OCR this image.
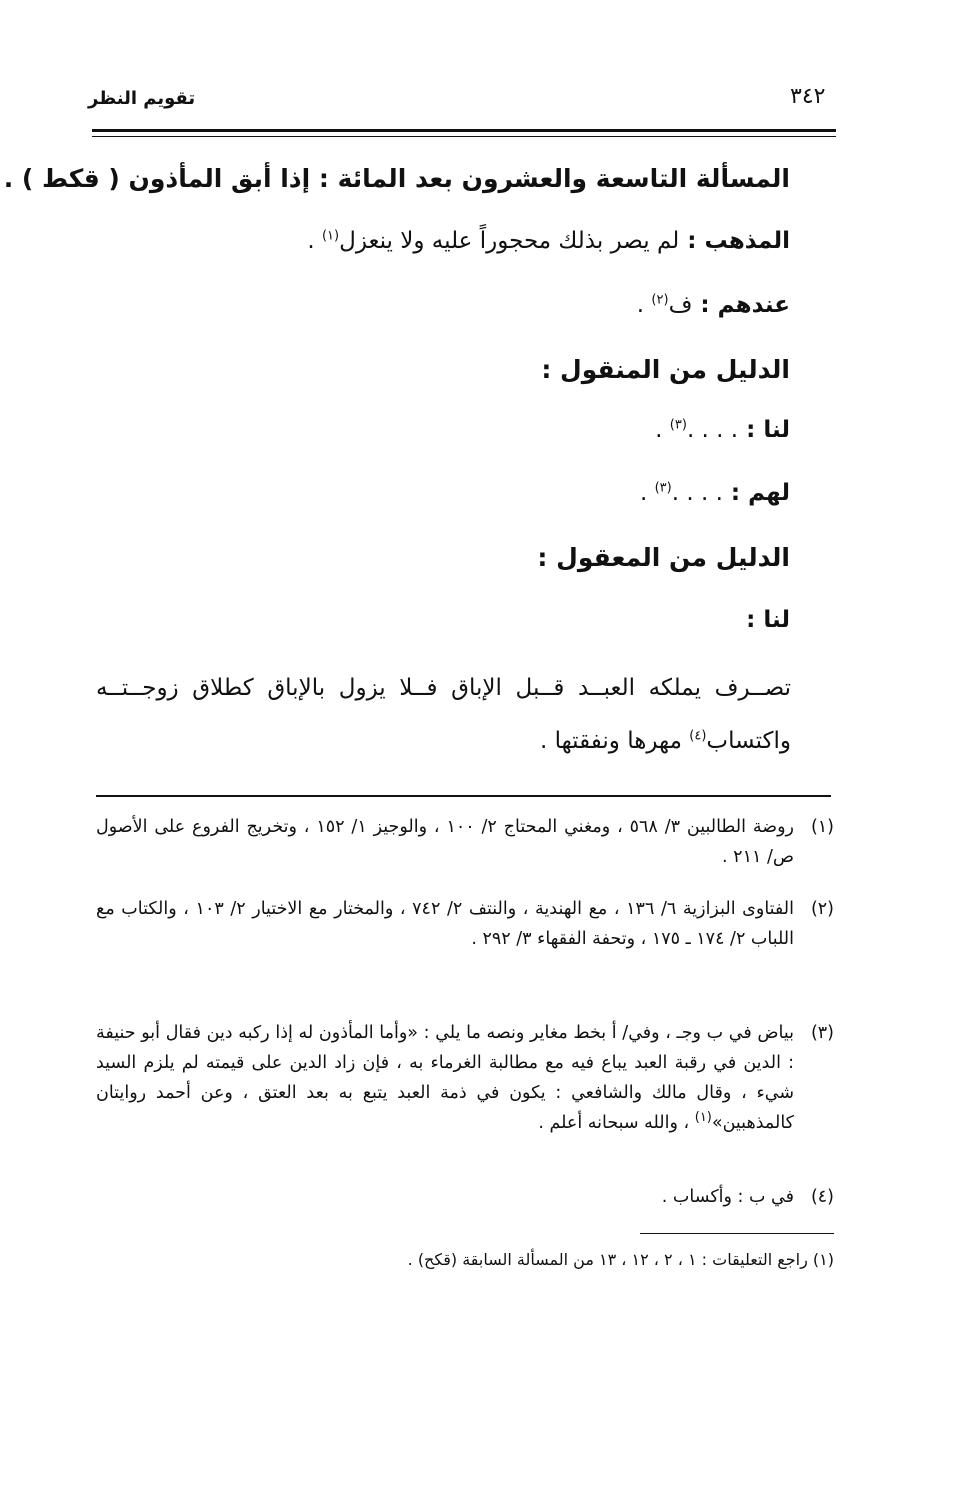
تقويم النظر	٣٤٢
المسألة التاسعة والعشرون بعد المائة : إذا أبق المأذون ( قكط ) .
المذهب : لم يصر بذلك محجوراً عليه ولا ينعزل$^{(١)}$ .
عندهم : ف$^{(٢)}$ .
الدليل من المنقول :
لنا : . . . .$^{(٣)}$ .
لهم : . . . .$^{(٣)}$ .
الدليل من المعقول :
لنا :
تصــرف يملكه العبــد قــبل الإباق فــلا يزول بالإباق كطلاق زوجــتــه واكتساب$^{(٤)}$ مهرها ونفقتها .
(١)
روضة الطالبين ٣/ ٥٦٨ ، ومغني المحتاج ٢/ ١٠٠ ، والوجيز ١/ ١٥٢ ، وتخريج الفروع على الأصول ص/ ٢١١ .
(٢)
الفتاوى البزازية ٦/ ١٣٦ ، مع الهندية ، والنتف ٢/ ٧٤٢ ، والمختار مع الاختيار ٢/ ١٠٣ ، والكتاب مع اللباب ٢/ ١٧٤ ـ ١٧٥ ، وتحفة الفقهاء ٣/ ٢٩٢ .
(٣)
بياض في ب وجـ ، وفي/ أ بخط مغاير ونصه ما يلي : «وأما المأذون له إذا ركبه دين فقال أبو حنيفة : الدين في رقبة العبد يباع فيه مع مطالبة الغرماء به ، فإن زاد الدين على قيمته لم يلزم السيد شيء ، وقال مالك والشافعي : يكون في ذمة العبد يتبع به بعد العتق ، وعن أحمد روايتان كالمذهبين»$^{(١)}$ ، والله سبحانه أعلم .
(٤)
في ب : وأكساب .
(١) راجع التعليقات : ١ ، ٢ ، ١٢ ، ١٣ من المسألة السابقة (قكح) .
